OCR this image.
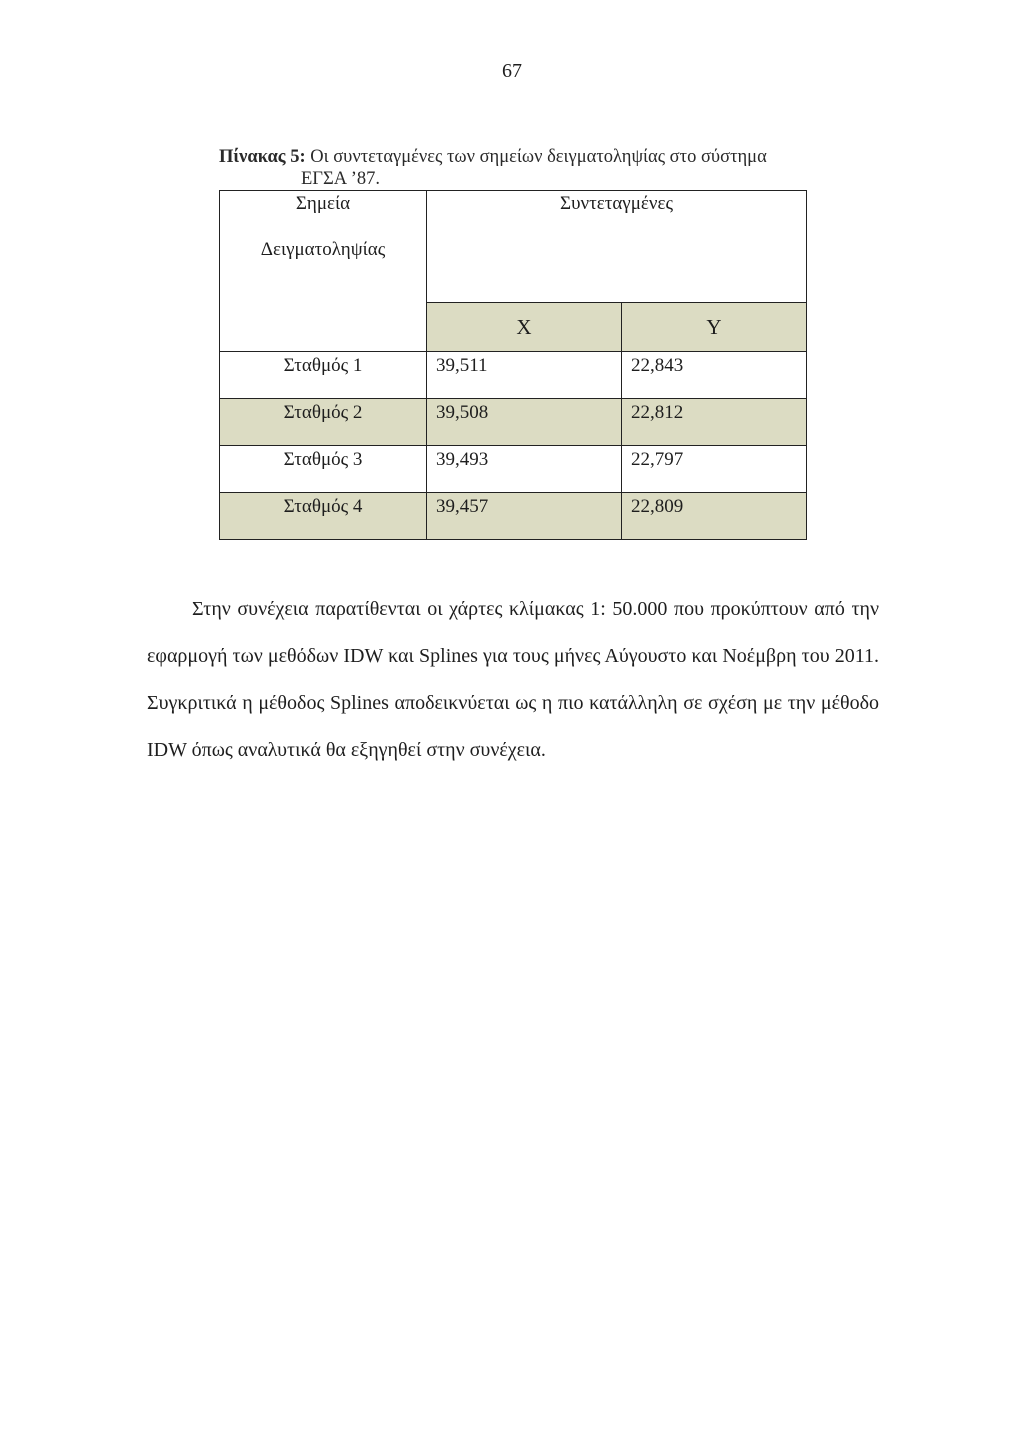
67
Πίνακας 5: Οι συντεταγμένες των σημείων δειγματοληψίας στο σύστημα
ΕΓΣΑ ’87.
Σημεία
Δειγματοληψίας	Συντεταγμένες	

	X	Y

Σταθμός 1	39,511	22,843

Σταθμός 2	39,508	22,812

Σταθμός 3	39,493	22,797

Σταθμός 4	39,457	22,809

Στην συνέχεια παρατίθενται οι χάρτες κλίμακας 1: 50.000 που προκύπτουν από την εφαρμογή των μεθόδων IDW και Splines για τους μήνες Αύγουστο και Νοέμβρη του 2011. Συγκριτικά η μέθοδος Splines αποδεικνύεται ως η πιο κατάλληλη σε σχέση με την μέθοδο IDW όπως αναλυτικά θα εξηγηθεί στην συνέχεια.
